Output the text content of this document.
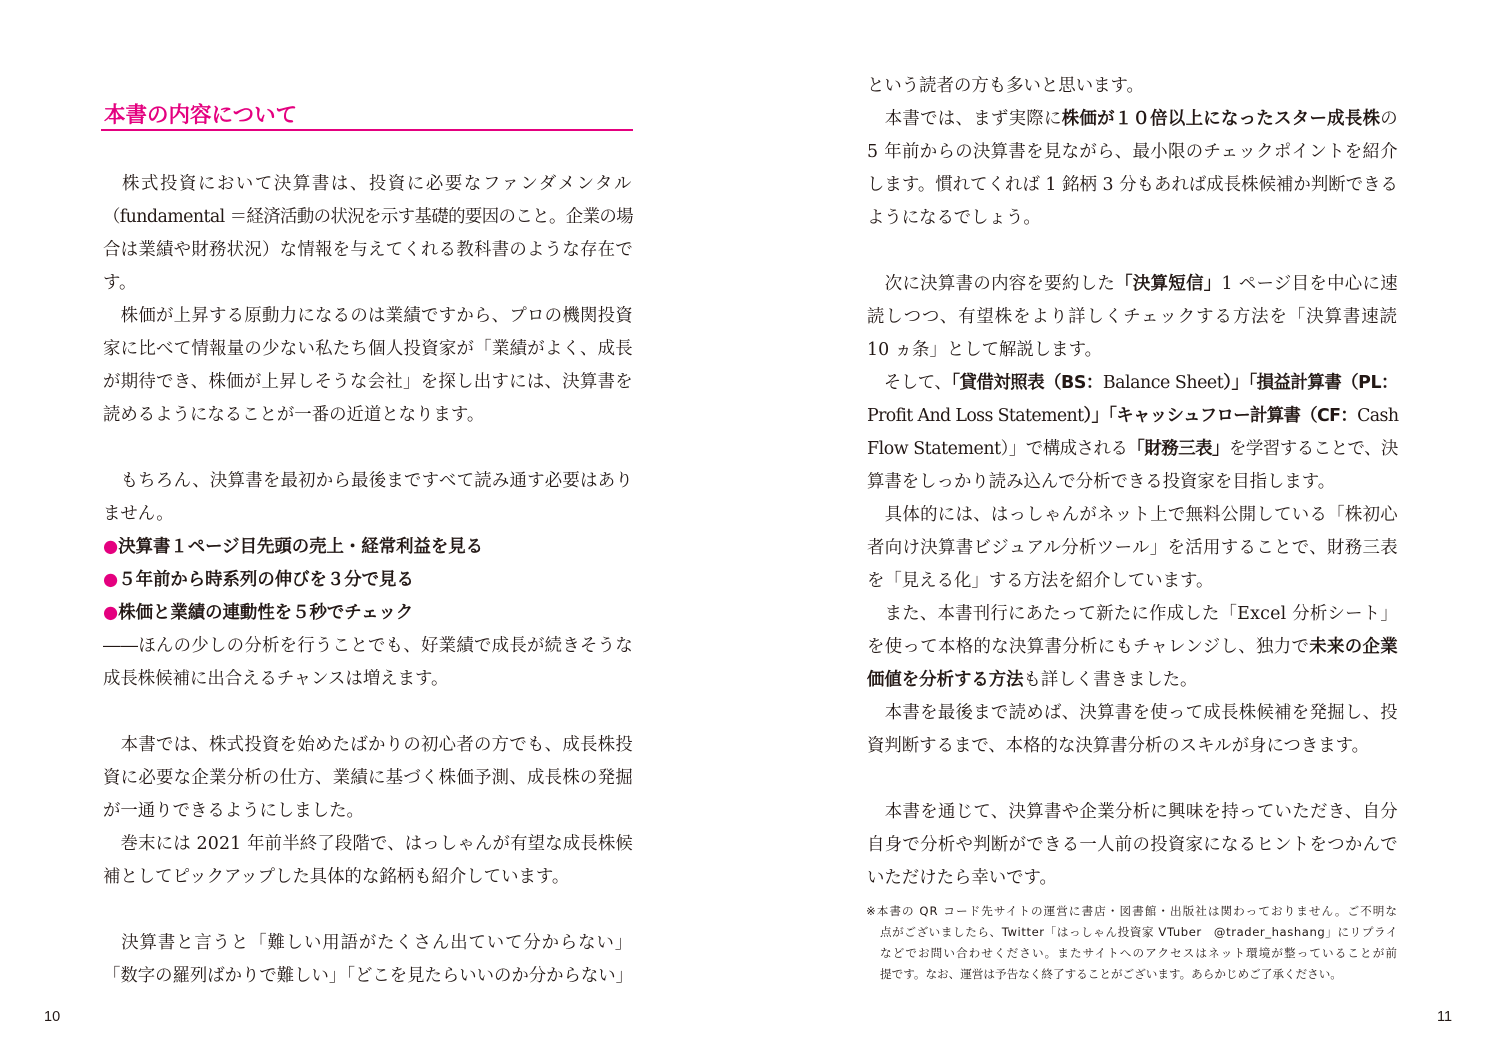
本書の内容について
　株式投資において決算書は、投資に必要なファンダメンタル
（fundamental ＝経済活動の状況を示す基礎的要因のこと。企業の場
合は業績や財務状況）な情報を与えてくれる教科書のような存在で
す。
　株価が上昇する原動力になるのは業績ですから、プロの機関投資
家に比べて情報量の少ない私たち個人投資家が「業績がよく、成長
が期待でき、株価が上昇しそうな会社」を探し出すには、決算書を
読めるようになることが一番の近道となります。
　もちろん、決算書を最初から最後まですべて読み通す必要はあり
ません。
●決算書１ページ目先頭の売上・経常利益を見る
●５年前から時系列の伸びを３分で見る
●株価と業績の連動性を５秒でチェック
――ほんの少しの分析を行うことでも、好業績で成長が続きそうな
成長株候補に出合えるチャンスは増えます。
　本書では、株式投資を始めたばかりの初心者の方でも、成長株投
資に必要な企業分析の仕方、業績に基づく株価予測、成長株の発掘
が一通りできるようにしました。
　巻末には 2021 年前半終了段階で、はっしゃんが有望な成長株候
補としてピックアップした具体的な銘柄も紹介しています。
　決算書と言うと「難しい用語がたくさん出ていて分からない」
「数字の羅列ばかりで難しい」「どこを見たらいいのか分からない」
10
という読者の方も多いと思います。
　本書では、まず実際に株価が１０倍以上になったスター成長株の
5 年前からの決算書を見ながら、最小限のチェックポイントを紹介
します。慣れてくれば 1 銘柄 3 分もあれば成長株候補か判断できる
ようになるでしょう。
　次に決算書の内容を要約した「決算短信」1 ページ目を中心に速
読しつつ、有望株をより詳しくチェックする方法を「決算書速読
10 ヵ条」として解説します。
　そして、「貸借対照表（BS：Balance Sheet）」「損益計算書（PL：
Profit And Loss Statement）」「キャッシュフロー計算書（CF：Cash
Flow Statement）」で構成される「財務三表」を学習することで、決
算書をしっかり読み込んで分析できる投資家を目指します。
　具体的には、はっしゃんがネット上で無料公開している「株初心
者向け決算書ビジュアル分析ツール」を活用することで、財務三表
を「見える化」する方法を紹介しています。
　また、本書刊行にあたって新たに作成した「Excel 分析シート」
を使って本格的な決算書分析にもチャレンジし、独力で未来の企業
価値を分析する方法も詳しく書きました。
　本書を最後まで読めば、決算書を使って成長株候補を発掘し、投
資判断するまで、本格的な決算書分析のスキルが身につきます。
　本書を通じて、決算書や企業分析に興味を持っていただき、自分
自身で分析や判断ができる一人前の投資家になるヒントをつかんで
いただけたら幸いです。
※本書の QR コード先サイトの運営に書店・図書館・出版社は関わっておりません。ご不明な
点がございましたら、Twitter「はっしゃん投資家 VTuber　@trader_hashang」にリプライ
などでお問い合わせください。またサイトへのアクセスはネット環境が整っていることが前
提です。なお、運営は予告なく終了することがございます。あらかじめご了承ください。
11
